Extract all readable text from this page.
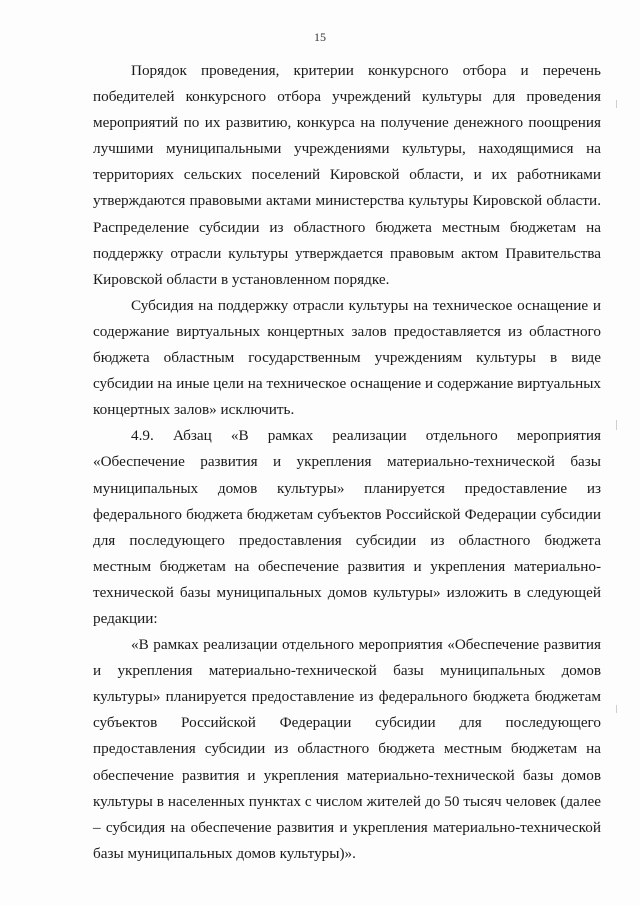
15

Порядок проведения, критерии конкурсного отбора и перечень победителей конкурсного отбора учреждений культуры для проведения мероприятий по их развитию, конкурса на получение денежного поощрения лучшими муниципальными учреждениями культуры, находящимися на территориях сельских поселений Кировской области, и их работниками утверждаются правовыми актами министерства культуры Кировской области. Распределение субсидии из областного бюджета местным бюджетам на поддержку отрасли культуры утверждается правовым актом Правительства Кировской области в установленном порядке.

Субсидия на поддержку отрасли культуры на техническое оснащение и содержание виртуальных концертных залов предоставляется из областного бюджета областным государственным учреждениям культуры в виде субсидии на иные цели на техническое оснащение и содержание виртуальных концертных залов» исключить.

4.9. Абзац «В рамках реализации отдельного мероприятия «Обеспечение развития и укрепления материально-технической базы муниципальных домов культуры» планируется предоставление из федерального бюджета бюджетам субъектов Российской Федерации субсидии для последующего предоставления субсидии из областного бюджета местным бюджетам на обеспечение развития и укрепления материально-технической базы муниципальных домов культуры» изложить в следующей редакции:

«В рамках реализации отдельного мероприятия «Обеспечение развития и укрепления материально-технической базы муниципальных домов культуры» планируется предоставление из федерального бюджета бюджетам субъектов Российской Федерации субсидии для последующего предоставления субсидии из областного бюджета местным бюджетам на обеспечение развития и укрепления материально-технической базы домов культуры в населенных пунктах с числом жителей до 50 тысяч человек (далее – субсидия на обеспечение развития и укрепления материально-технической базы муниципальных домов культуры)».
